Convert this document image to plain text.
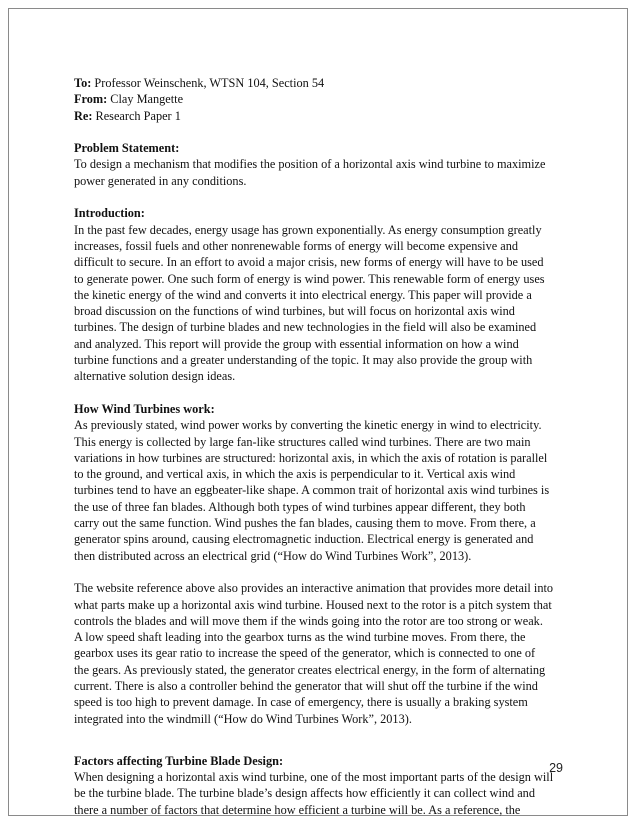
To: Professor Weinschenk, WTSN 104, Section 54
From: Clay Mangette
Re: Research Paper 1
Problem Statement:
To design a mechanism that modifies the position of a horizontal axis wind turbine to maximize
power generated in any conditions.
Introduction:
In the past few decades, energy usage has grown exponentially. As energy consumption greatly
increases, fossil fuels and other nonrenewable forms of energy will become expensive and
difficult to secure. In an effort to avoid a major crisis, new forms of energy will have to be used
to generate power. One such form of energy is wind power. This renewable form of energy uses
the kinetic energy of the wind and converts it into electrical energy. This paper will provide a
broad discussion on the functions of wind turbines, but will focus on horizontal axis wind
turbines. The design of turbine blades and new technologies in the field will also be examined
and analyzed. This report will provide the group with essential information on how a wind
turbine functions and a greater understanding of the topic. It may also provide the group with
alternative solution design ideas.
How Wind Turbines work:
As previously stated, wind power works by converting the kinetic energy in wind to electricity.
This energy is collected by large fan-like structures called wind turbines. There are two main
variations in how turbines are structured: horizontal axis, in which the axis of rotation is parallel
to the ground, and vertical axis, in which the axis is perpendicular to it. Vertical axis wind
turbines tend to have an eggbeater-like shape. A common trait of horizontal axis wind turbines is
the use of three fan blades. Although both types of wind turbines appear different, they both
carry out the same function. Wind pushes the fan blades, causing them to move. From there, a
generator spins around, causing electromagnetic induction. Electrical energy is generated and
then distributed across an electrical grid (“How do Wind Turbines Work”, 2013).
The website reference above also provides an interactive animation that provides more detail into
what parts make up a horizontal axis wind turbine. Housed next to the rotor is a pitch system that
controls the blades and will move them if the winds going into the rotor are too strong or weak.
A low speed shaft leading into the gearbox turns as the wind turbine moves. From there, the
gearbox uses its gear ratio to increase the speed of the generator, which is connected to one of
the gears. As previously stated, the generator creates electrical energy, in the form of alternating
current. There is also a controller behind the generator that will shut off the turbine if the wind
speed is too high to prevent damage. In case of emergency, there is usually a braking system
integrated into the windmill (“How do Wind Turbines Work”, 2013).
Factors affecting Turbine Blade Design:
When designing a horizontal axis wind turbine, one of the most important parts of the design will
be the turbine blade. The turbine blade’s design affects how efficiently it can collect wind and
there a number of factors that determine how efficient a turbine will be. As a reference, the
29
